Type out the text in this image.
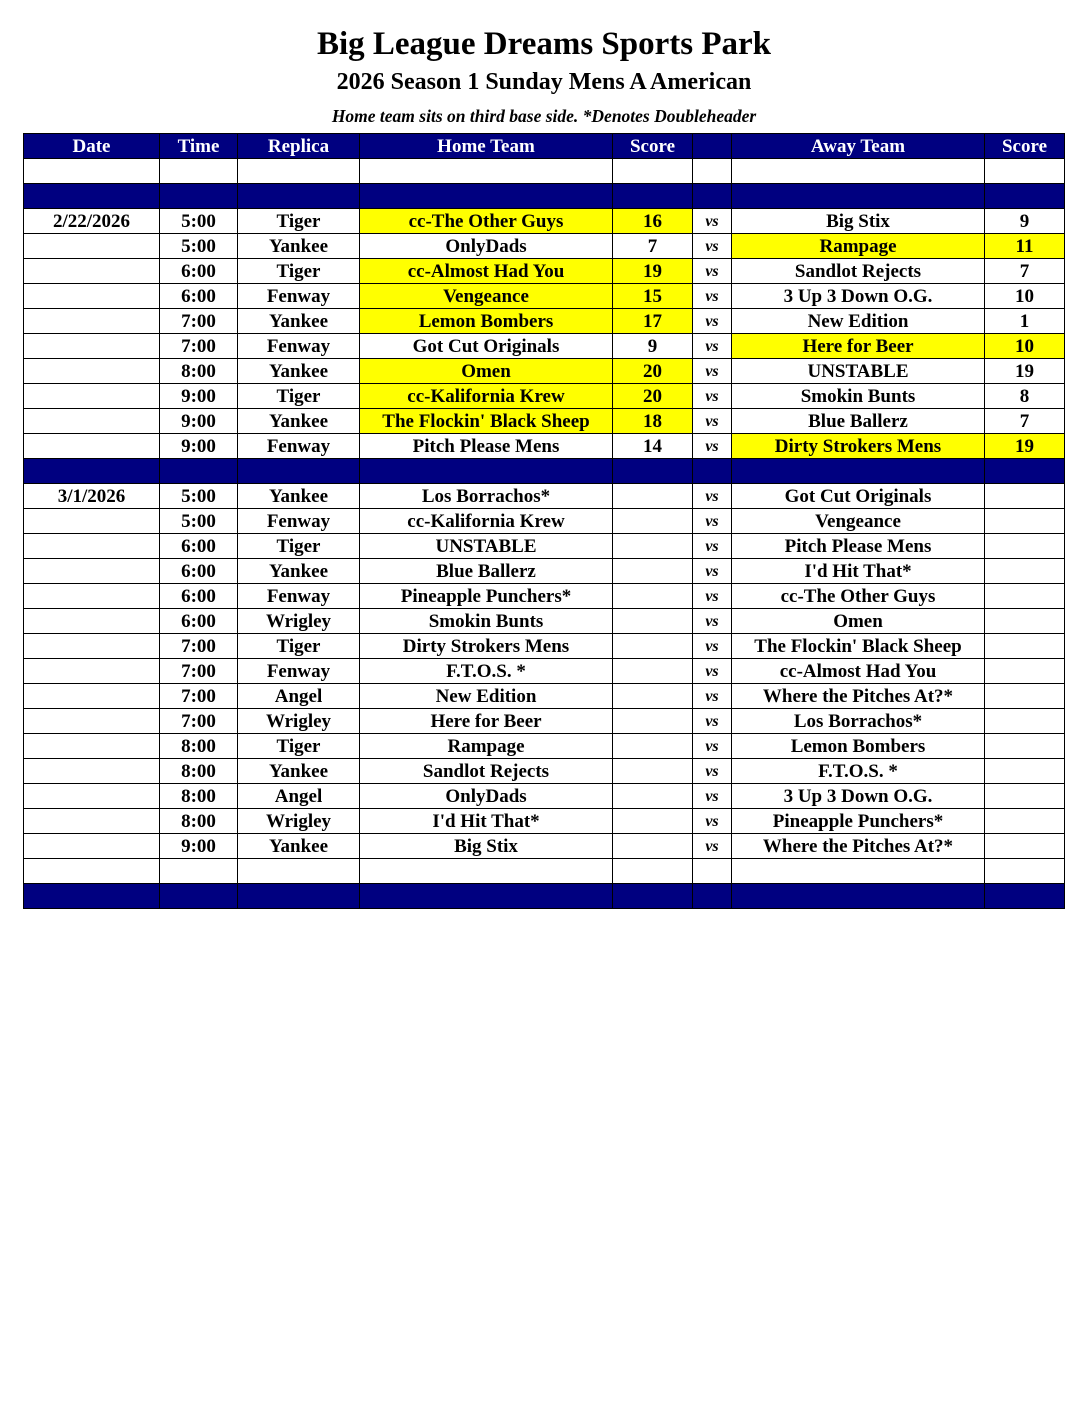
Big League Dreams Sports Park
2026 Season 1 Sunday Mens A American
Home team sits on third base side. *Denotes Doubleheader
Date	Time	Replica	Home Team	Score		Away Team	Score

2/22/2026	5:00	Tiger	cc-The Other Guys	16	vs	Big Stix	9
	5:00	Yankee	OnlyDads	7	vs	Rampage	11
	6:00	Tiger	cc-Almost Had You	19	vs	Sandlot Rejects	7
	6:00	Fenway	Vengeance	15	vs	3 Up 3 Down O.G.	10
	7:00	Yankee	Lemon Bombers	17	vs	New Edition	1
	7:00	Fenway	Got Cut Originals	9	vs	Here for Beer	10
	8:00	Yankee	Omen	20	vs	UNSTABLE	19
	9:00	Tiger	cc-Kalifornia Krew	20	vs	Smokin Bunts	8
	9:00	Yankee	The Flockin' Black Sheep	18	vs	Blue Ballerz	7
	9:00	Fenway	Pitch Please Mens	14	vs	Dirty Strokers Mens	19

3/1/2026	5:00	Yankee	Los Borrachos*		vs	Got Cut Originals	
	5:00	Fenway	cc-Kalifornia Krew		vs	Vengeance	
	6:00	Tiger	UNSTABLE		vs	Pitch Please Mens	
	6:00	Yankee	Blue Ballerz		vs	I'd Hit That*	
	6:00	Fenway	Pineapple Punchers*		vs	cc-The Other Guys	
	6:00	Wrigley	Smokin Bunts		vs	Omen	
	7:00	Tiger	Dirty Strokers Mens		vs	The Flockin' Black Sheep	
	7:00	Fenway	F.T.O.S. *		vs	cc-Almost Had You	
	7:00	Angel	New Edition		vs	Where the Pitches At?*	
	7:00	Wrigley	Here for Beer		vs	Los Borrachos*	
	8:00	Tiger	Rampage		vs	Lemon Bombers	
	8:00	Yankee	Sandlot Rejects		vs	F.T.O.S. *	
	8:00	Angel	OnlyDads		vs	3 Up 3 Down O.G.	
	8:00	Wrigley	I'd Hit That*		vs	Pineapple Punchers*	
	9:00	Yankee	Big Stix		vs	Where the Pitches At?*	
